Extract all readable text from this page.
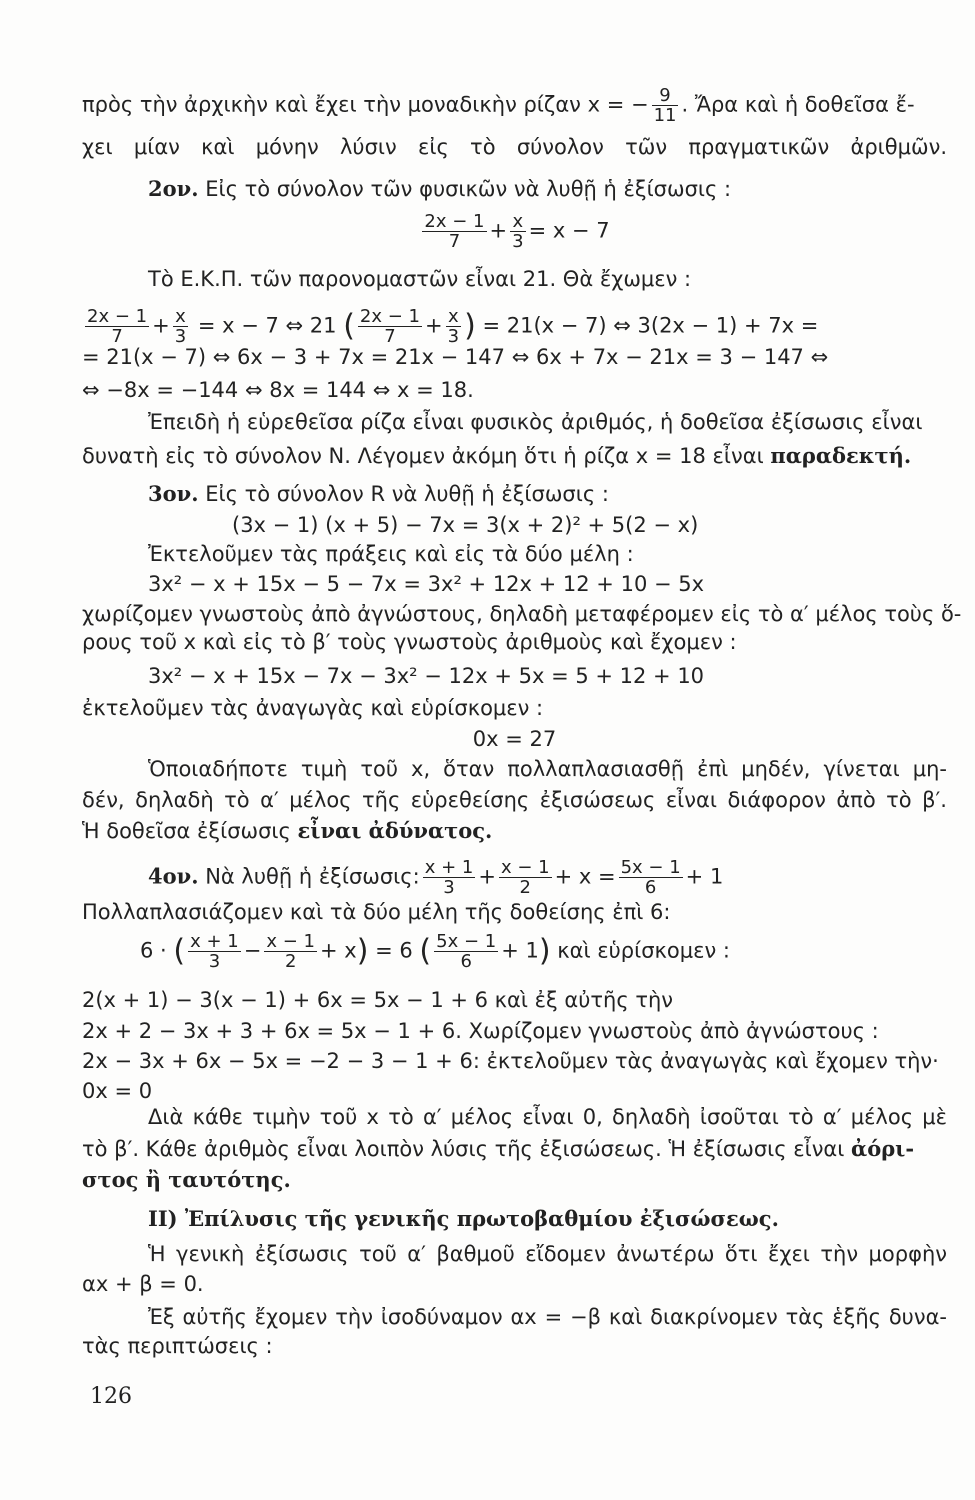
πρὸς τὴν ἀρχικὴν καὶ ἔχει τὴν μοναδικὴν ρίζαν x = − $\frac{9}{11}$ . Ἄρα καὶ ἡ δοθεῖσα ἔ-
χει μίαν καὶ μόνην λύσιν εἰς τὸ σύνολον τῶν πραγματικῶν ἀριθμῶν.
2ον. Εἰς τὸ σύνολον τῶν φυσικῶν νὰ λυθῇ ἡ ἐξίσωσις :
$\frac{2x - 1}{7} + \frac{x}{3} = x - 7$
Τὸ Ε.Κ.Π. τῶν παρονομαστῶν εἶναι 21. Θὰ ἔχωμεν :
$\frac{2x - 1}{7} + \frac{x}{3} = x - 7$ ⇔ 21 ( $\frac{2x - 1}{7} + \frac{x}{3}$ ) = 21(x − 7) ⇔ 3(2x − 1) + 7x =
= 21(x − 7) ⇔ 6x − 3 + 7x = 21x − 147 ⇔ 6x + 7x − 21x = 3 − 147 ⇔
⇔ −8x = −144 ⇔ 8x = 144 ⇔ x = 18.
Ἐπειδὴ ἡ εὑρεθεῖσα ρίζα εἶναι φυσικὸς ἀριθμός, ἡ δοθεῖσα ἐξίσωσις εἶναι
δυνατὴ εἰς τὸ σύνολον N. Λέγομεν ἀκόμη ὅτι ἡ ρίζα x = 18 εἶναι παραδεκτή.
3ον. Εἰς τὸ σύνολον R νὰ λυθῇ ἡ ἐξίσωσις :
(3x − 1) (x + 5) − 7x = 3(x + 2)² + 5(2 − x)
Ἐκτελοῦμεν τὰς πράξεις καὶ εἰς τὰ δύο μέλη :
3x² − x + 15x − 5 − 7x = 3x² + 12x + 12 + 10 − 5x
χωρίζομεν γνωστοὺς ἀπὸ ἀγνώστους, δηλαδὴ μεταφέρομεν εἰς τὸ α′ μέλος τοὺς ὅ-
ρους τοῦ x καὶ εἰς τὸ β′ τοὺς γνωστοὺς ἀριθμοὺς καὶ ἔχομεν :
3x² − x + 15x − 7x − 3x² − 12x + 5x = 5 + 12 + 10
ἐκτελοῦμεν τὰς ἀναγωγὰς καὶ εὑρίσκομεν :
0x = 27
Ὁποιαδήποτε τιμὴ τοῦ x, ὅταν πολλαπλασιασθῇ ἐπὶ μηδέν, γίνεται μη-
δέν, δηλαδὴ τὸ α′ μέλος τῆς εὑρεθείσης ἐξισώσεως εἶναι διάφορον ἀπὸ τὸ β′.
Ἡ δοθεῖσα ἐξίσωσις εἶναι ἀδύνατος.
4ον. Νὰ λυθῇ ἡ ἐξίσωσις: $\frac{x + 1}{3} + \frac{x - 1}{2} + x = \frac{5x - 1}{6} + 1$
Πολλαπλασιάζομεν καὶ τὰ δύο μέλη τῆς δοθείσης ἐπὶ 6:
6 · ( $\frac{x + 1}{3} - \frac{x - 1}{2} + x) = 6$ ( $\frac{5x - 1}{6} + 1$) καὶ εὑρίσκομεν :
2(x + 1) − 3(x − 1) + 6x = 5x − 1 + 6 καὶ ἐξ αὐτῆς τὴν
2x + 2 − 3x + 3 + 6x = 5x − 1 + 6. Χωρίζομεν γνωστοὺς ἀπὸ ἀγνώστους :
2x − 3x + 6x − 5x = −2 − 3 − 1 + 6: ἐκτελοῦμεν τὰς ἀναγωγὰς καὶ ἔχομεν τὴν·
0x = 0
Διὰ κάθε τιμὴν τοῦ x τὸ α′ μέλος εἶναι 0, δηλαδὴ ἰσοῦται τὸ α′ μέλος μὲ
τὸ β′. Κάθε ἀριθμὸς εἶναι λοιπὸν λύσις τῆς ἐξισώσεως. Ἡ ἐξίσωσις εἶναι ἀόρι-
στος ἢ ταυτότης.
II) Ἐπίλυσις τῆς γενικῆς πρωτοβαθμίου ἐξισώσεως.
Ἡ γενικὴ ἐξίσωσις τοῦ α′ βαθμοῦ εἴδομεν ἀνωτέρω ὅτι ἔχει τὴν μορφὴν
αx + β = 0.
Ἐξ αὐτῆς ἔχομεν τὴν ἰσοδύναμον αx = −β καὶ διακρίνομεν τὰς ἑξῆς δυνα-
τὰς περιπτώσεις :
126
